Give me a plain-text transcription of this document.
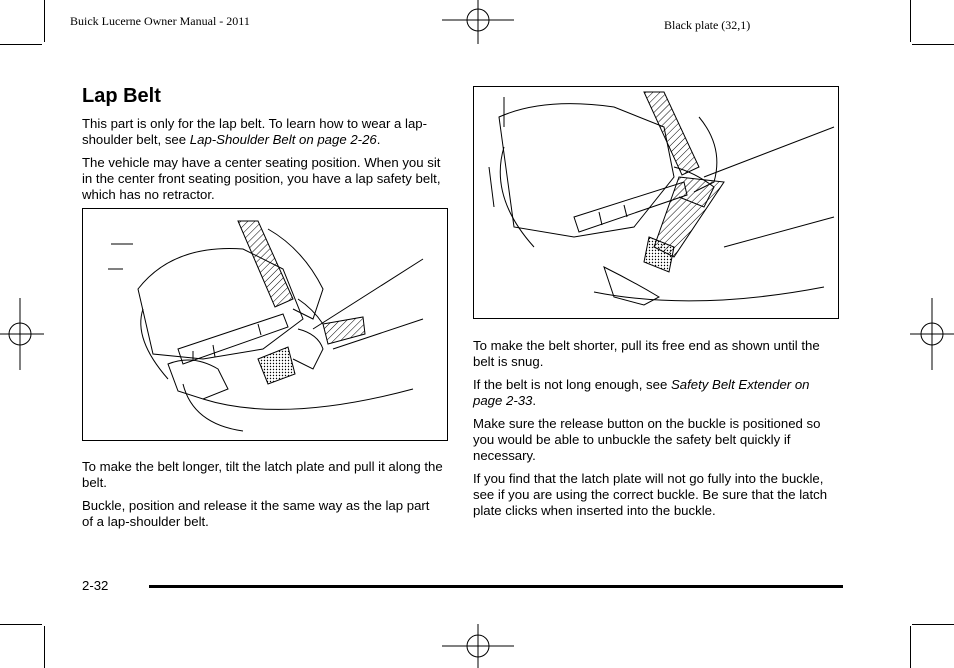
Buick Lucerne Owner Manual - 2011	Black plate (32,1)
Lap Belt

This part is only for the lap belt. To learn how to wear a lap-shoulder belt, see Lap-Shoulder Belt on page 2-26.

The vehicle may have a center seating position. When you sit in the center front seating position, you have a lap safety belt, which has no retractor.

To make the belt longer, tilt the latch plate and pull it along the belt.

Buckle, position and release it the same way as the lap part of a lap-shoulder belt.

To make the belt shorter, pull its free end as shown until the belt is snug.

If the belt is not long enough, see Safety Belt Extender on page 2-33.

Make sure the release button on the buckle is positioned so you would be able to unbuckle the safety belt quickly if necessary.

If you find that the latch plate will not go fully into the buckle, see if you are using the correct buckle. Be sure that the latch plate clicks when inserted into the buckle.

2-32
